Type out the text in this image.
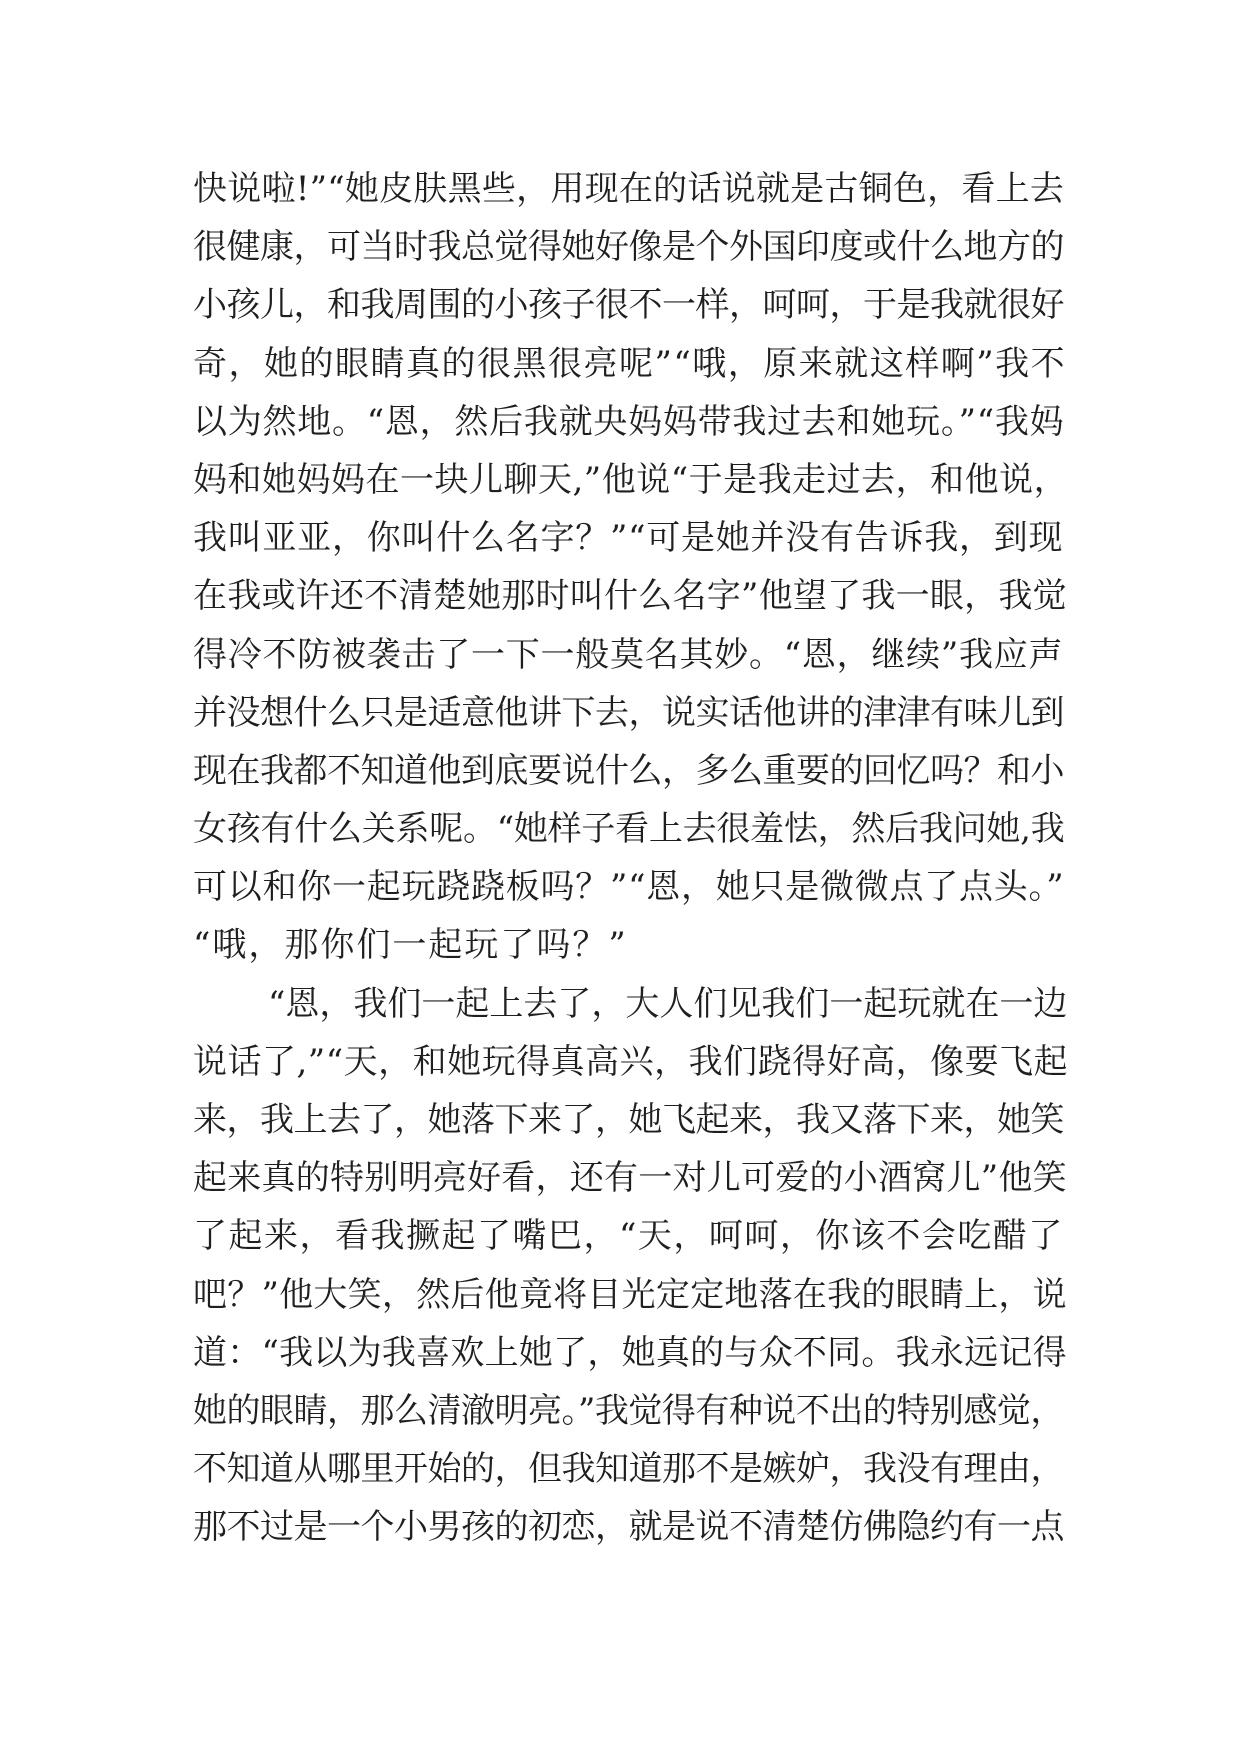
快说啦!”“她皮肤黑些，用现在的话说就是古铜色，看上去
很健康，可当时我总觉得她好像是个外国印度或什么地方的
小孩儿，和我周围的小孩子很不一样，呵呵，于是我就很好
奇，她的眼睛真的很黑很亮呢”“哦，原来就这样啊”我不
以为然地。“恩，然后我就央妈妈带我过去和她玩。”“我妈
妈和她妈妈在一块儿聊天,”他说“于是我走过去，和他说，
我叫亚亚，你叫什么名字？”“可是她并没有告诉我，到现
在我或许还不清楚她那时叫什么名字”他望了我一眼，我觉
得冷不防被袭击了一下一般莫名其妙。“恩，继续”我应声
并没想什么只是适意他讲下去，说实话他讲的津津有味儿到
现在我都不知道他到底要说什么，多么重要的回忆吗？和小
女孩有什么关系呢。“她样子看上去很羞怯，然后我问她,我
可以和你一起玩跷跷板吗？”“恩，她只是微微点了点头。”
“哦，那你们一起玩了吗？”

“恩，我们一起上去了，大人们见我们一起玩就在一边
说话了,”“天，和她玩得真高兴，我们跷得好高，像要飞起
来，我上去了，她落下来了，她飞起来，我又落下来，她笑
起来真的特别明亮好看，还有一对儿可爱的小酒窝儿”他笑
了起来，看我撅起了嘴巴，“天，呵呵，你该不会吃醋了
吧？”他大笑，然后他竟将目光定定地落在我的眼睛上，说
道：“我以为我喜欢上她了，她真的与众不同。我永远记得
她的眼睛，那么清澈明亮。”我觉得有种说不出的特别感觉，
不知道从哪里开始的，但我知道那不是嫉妒，我没有理由，
那不过是一个小男孩的初恋，就是说不清楚仿佛隐约有一点
